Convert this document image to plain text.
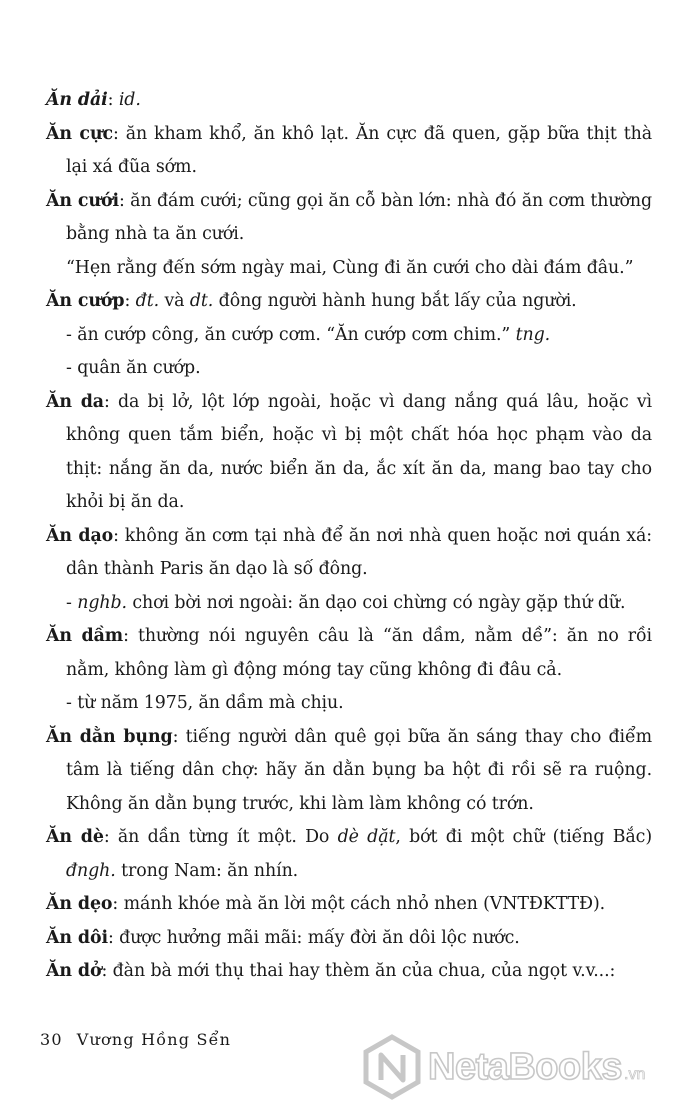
Ăn dải: id.
Ăn cực: ăn kham khổ, ăn khô lạt. Ăn cực đã quen, gặp bữa thịt thà lại xá đũa sớm.
Ăn cưới: ăn đám cưới; cũng gọi ăn cỗ bàn lớn: nhà đó ăn cơm thường bằng nhà ta ăn cưới.
“Hẹn rằng đến sớm ngày mai, Cùng đi ăn cưới cho dài đám đâu.”
Ăn cướp: đt. và dt. đông người hành hung bắt lấy của người.
- ăn cướp công, ăn cướp cơm. “Ăn cướp cơm chim.” tng.
- quân ăn cướp.
Ăn da: da bị lở, lột lớp ngoài, hoặc vì dang nắng quá lâu, hoặc vì không quen tắm biển, hoặc vì bị một chất hóa học phạm vào da thịt: nắng ăn da, nước biển ăn da, ắc xít ăn da, mang bao tay cho khỏi bị ăn da.
Ăn dạo: không ăn cơm tại nhà để ăn nơi nhà quen hoặc nơi quán xá: dân thành Paris ăn dạo là số đông.
- nghb. chơi bời nơi ngoài: ăn dạo coi chừng có ngày gặp thứ dữ.
Ăn dầm: thường nói nguyên câu là “ăn dầm, nằm dề”: ăn no rồi nằm, không làm gì động móng tay cũng không đi đâu cả.
- từ năm 1975, ăn dầm mà chịu.
Ăn dằn bụng: tiếng người dân quê gọi bữa ăn sáng thay cho điểm tâm là tiếng dân chợ: hãy ăn dằn bụng ba hột đi rồi sẽ ra ruộng. Không ăn dằn bụng trước, khi làm làm không có trớn.
Ăn dè: ăn dần từng ít một. Do dè dặt, bớt đi một chữ (tiếng Bắc) đngh. trong Nam: ăn nhín.
Ăn dẹo: mánh khóe mà ăn lời một cách nhỏ nhen (VNTĐKTTĐ).
Ăn dôi: được hưởng mãi mãi: mấy đời ăn dôi lộc nước.
Ăn dở: đàn bà mới thụ thai hay thèm ăn của chua, của ngọt v.v...:
30 Vương Hồng Sển
NetaBooks .vn
